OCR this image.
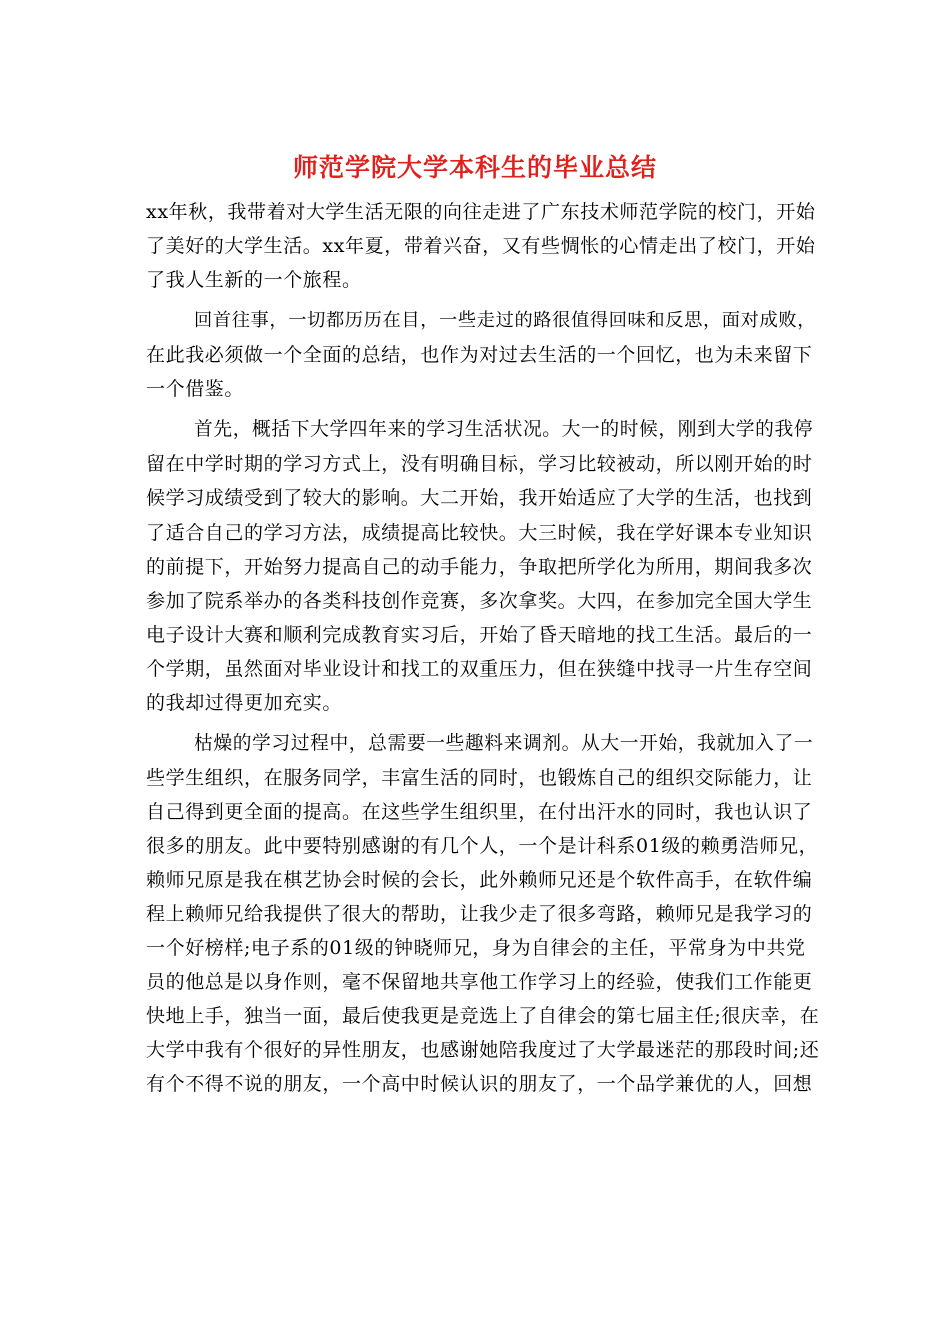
师范学院大学本科生的毕业总结
xx年秋，我带着对大学生活无限的向往走进了广东技术师范学院的校门，开始
了美好的大学生活。xx年夏，带着兴奋，又有些惆怅的心情走出了校门，开始
了我人生新的一个旅程。
回首往事，一切都历历在目，一些走过的路很值得回味和反思，面对成败，
在此我必须做一个全面的总结，也作为对过去生活的一个回忆，也为未来留下
一个借鉴。
首先，概括下大学四年来的学习生活状况。大一的时候，刚到大学的我停
留在中学时期的学习方式上，没有明确目标，学习比较被动，所以刚开始的时
候学习成绩受到了较大的影响。大二开始，我开始适应了大学的生活，也找到
了适合自己的学习方法，成绩提高比较快。大三时候，我在学好课本专业知识
的前提下，开始努力提高自己的动手能力，争取把所学化为所用，期间我多次
参加了院系举办的各类科技创作竞赛，多次拿奖。大四，在参加完全国大学生
电子设计大赛和顺利完成教育实习后，开始了昏天暗地的找工生活。最后的一
个学期，虽然面对毕业设计和找工的双重压力，但在狭缝中找寻一片生存空间
的我却过得更加充实。
枯燥的学习过程中，总需要一些趣料来调剂。从大一开始，我就加入了一
些学生组织，在服务同学，丰富生活的同时，也锻炼自己的组织交际能力，让
自己得到更全面的提高。在这些学生组织里，在付出汗水的同时，我也认识了
很多的朋友。此中要特别感谢的有几个人，一个是计科系01级的赖勇浩师兄，
赖师兄原是我在棋艺协会时候的会长，此外赖师兄还是个软件高手，在软件编
程上赖师兄给我提供了很大的帮助，让我少走了很多弯路，赖师兄是我学习的
一个好榜样;电子系的01级的钟晓师兄，身为自律会的主任，平常身为中共党
员的他总是以身作则，毫不保留地共享他工作学习上的经验，使我们工作能更
快地上手，独当一面，最后使我更是竞选上了自律会的第七届主任;很庆幸，在
大学中我有个很好的异性朋友，也感谢她陪我度过了大学最迷茫的那段时间;还
有个不得不说的朋友，一个高中时候认识的朋友了，一个品学兼优的人，回想
